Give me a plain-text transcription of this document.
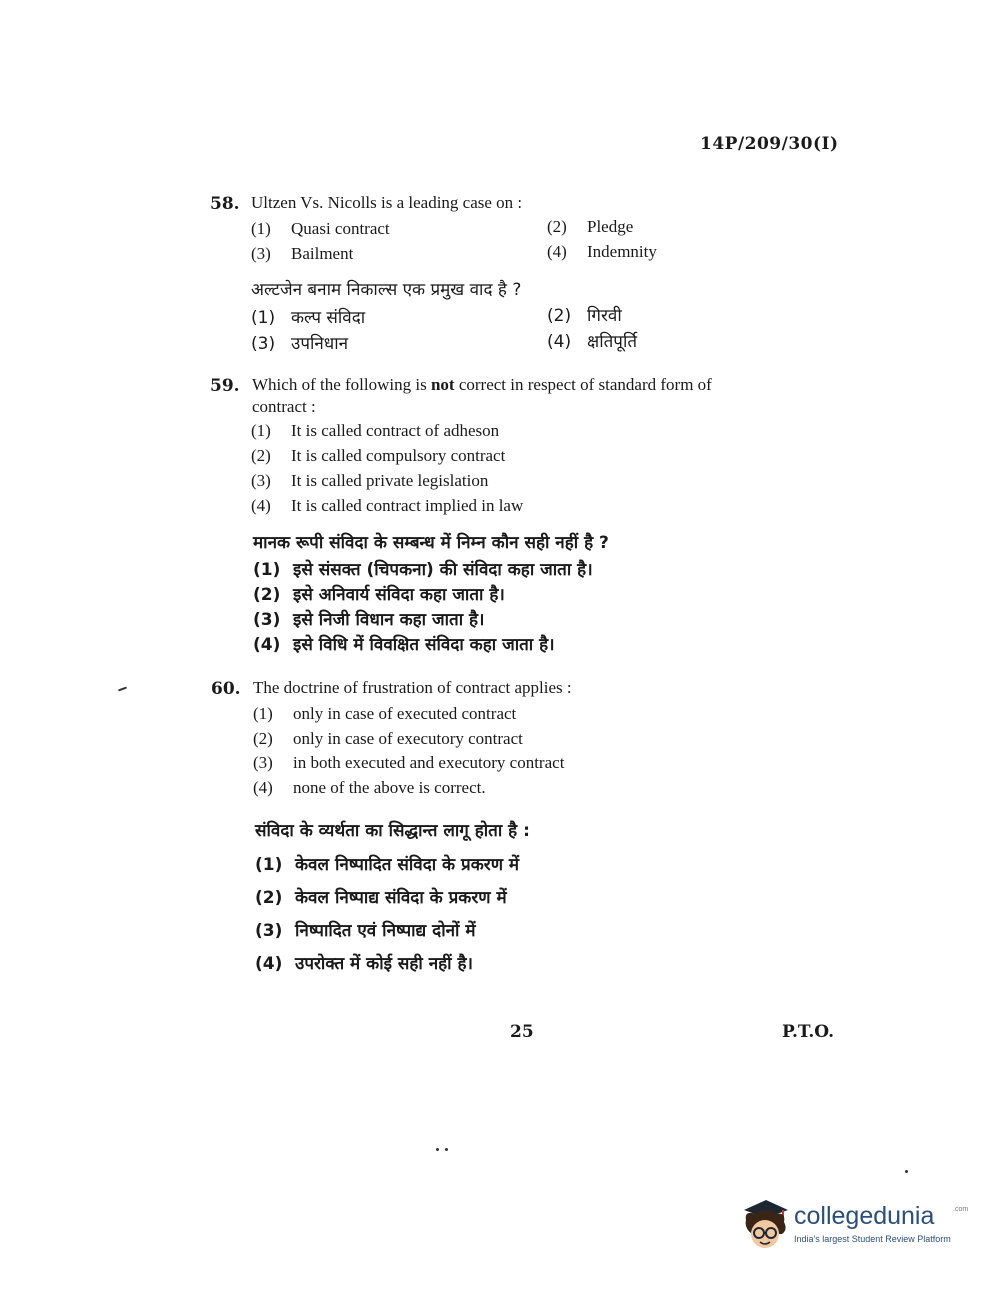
14P/209/30(I)
58. Ultzen Vs. Nicolls is a leading case on :
(1) Quasi contract	(2) Pledge
(3) Bailment	(4) Indemnity
अल्टजेन बनाम निकाल्स एक प्रमुख वाद है ?
(1) कल्प संविदा	(2) गिरवी
(3) उपनिधान	(4) क्षतिपूर्ति
59. Which of the following is not correct in respect of standard form of
contract :
(1) It is called contract of adheson
(2) It is called compulsory contract
(3) It is called private legislation
(4) It is called contract implied in law
मानक रूपी संविदा के सम्बन्ध में निम्न कौन सही नहीं है ?
(1) इसे संसक्त (चिपकना) की संविदा कहा जाता है।
(2) इसे अनिवार्य संविदा कहा जाता है।
(3) इसे निजी विधान कहा जाता है।
(4) इसे विधि में विवक्षित संविदा कहा जाता है।
60. The doctrine of frustration of contract applies :
(1) only in case of executed contract
(2) only in case of executory contract
(3) in both executed and executory contract
(4) none of the above is correct.
संविदा के व्यर्थता का सिद्धान्त लागू होता है :
(1) केवल निष्पादित संविदा के प्रकरण में
(2) केवल निष्पाद्य संविदा के प्रकरण में
(3) निष्पादित एवं निष्पाद्य दोनों में
(4) उपरोक्त में कोई सही नहीं है।
25	P.T.O.
collegedunia	.com
India's largest Student Review Platform
